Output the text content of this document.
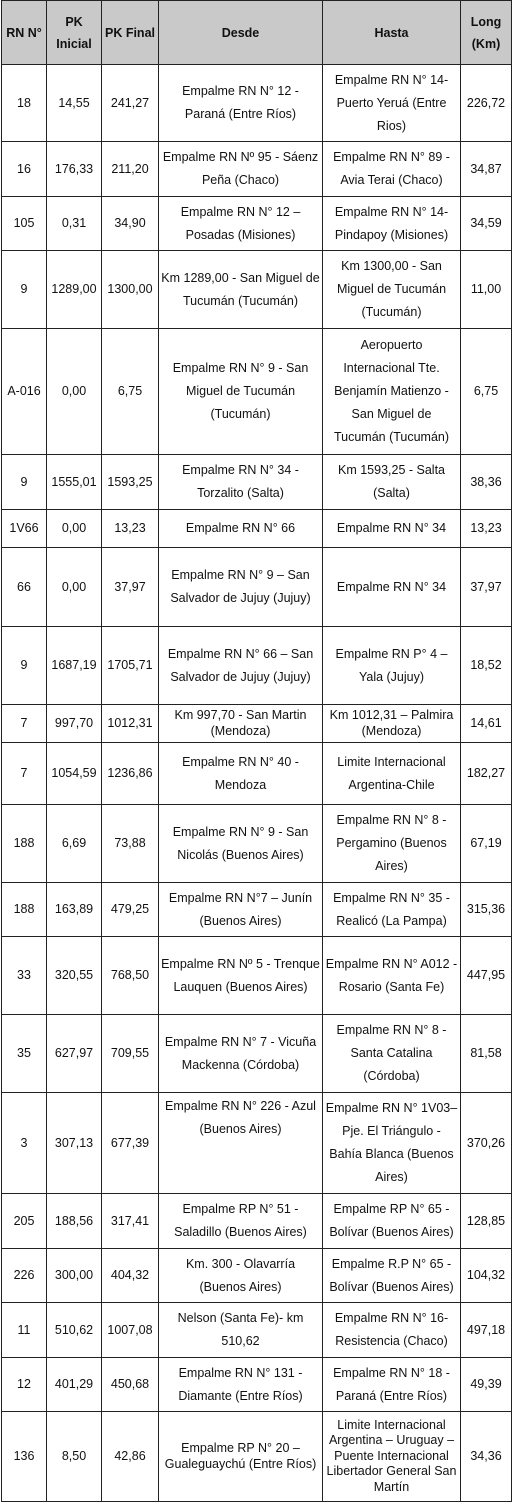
RN N°	PK Inicial	PK Final	Desde	Hasta	Long (Km)
18	14,55	241,27	Empalme RN N° 12 - Paraná (Entre Ríos)	Empalme RN N° 14- Puerto Yeruá (Entre Rios)	226,72
16	176,33	211,20	Empalme RN Nº 95 - Sáenz Peña (Chaco)	Empalme RN N° 89 - Avia Terai (Chaco)	34,87
105	0,31	34,90	Empalme RN N° 12 – Posadas (Misiones)	Empalme RN N° 14- Pindapoy (Misiones)	34,59
9	1289,00	1300,00	Km 1289,00 - San Miguel de Tucumán (Tucumán)	Km 1300,00 - San Miguel de Tucumán (Tucumán)	11,00
A-016	0,00	6,75	Empalme RN N° 9 - San Miguel de Tucumán (Tucumán)	Aeropuerto Internacional Tte. Benjamín Matienzo - San Miguel de Tucumán (Tucumán)	6,75
9	1555,01	1593,25	Empalme RN N° 34 - Torzalito (Salta)	Km 1593,25 - Salta (Salta)	38,36
1V66	0,00	13,23	Empalme RN N° 66	Empalme RN N° 34	13,23
66	0,00	37,97	Empalme RN N° 9 – San Salvador de Jujuy (Jujuy)	Empalme RN N° 34	37,97
9	1687,19	1705,71	Empalme RN N° 66 – San Salvador de Jujuy (Jujuy)	Empalme RN P° 4 – Yala (Jujuy)	18,52
7	997,70	1012,31	Km 997,70 - San Martin (Mendoza)	Km 1012,31 – Palmira (Mendoza)	14,61
7	1054,59	1236,86	Empalme RN N° 40 -Mendoza	Limite Internacional Argentina-Chile	182,27
188	6,69	73,88	Empalme RN N° 9 - San Nicolás (Buenos Aires)	Empalme RN N° 8 - Pergamino (Buenos Aires)	67,19
188	163,89	479,25	Empalme RN N°7 – Junín (Buenos Aires)	Empalme RN N° 35 - Realicó (La Pampa)	315,36
33	320,55	768,50	Empalme RN Nº 5 - Trenque Lauquen (Buenos Aires)	Empalme RN N° A012 - Rosario (Santa Fe)	447,95
35	627,97	709,55	Empalme RN N° 7 - Vicuña Mackenna (Córdoba)	Empalme RN N° 8 - Santa Catalina (Córdoba)	81,58
3	307,13	677,39	Empalme RN N° 226 - Azul (Buenos Aires)	Empalme RN N° 1V03– Pje. El Triángulo - Bahía Blanca (Buenos Aires)	370,26
205	188,56	317,41	Empalme RP N° 51 - Saladillo (Buenos Aires)	Empalme RP N° 65 - Bolívar (Buenos Aires)	128,85
226	300,00	404,32	Km. 300 - Olavarría (Buenos Aires)	Empalme R.P N° 65 - Bolívar (Buenos Aires)	104,32
11	510,62	1007,08	Nelson (Santa Fe)- km 510,62	Empalme RN N° 16- Resistencia (Chaco)	497,18
12	401,29	450,68	Empalme RN N° 131 - Diamante (Entre Ríos)	Empalme RN N° 18 - Paraná (Entre Ríos)	49,39
136	8,50	42,86	Empalme RP N° 20 – Gualeguaychú (Entre Ríos)	Limite Internacional Argentina – Uruguay – Puente Internacional Libertador General San Martín	34,36
